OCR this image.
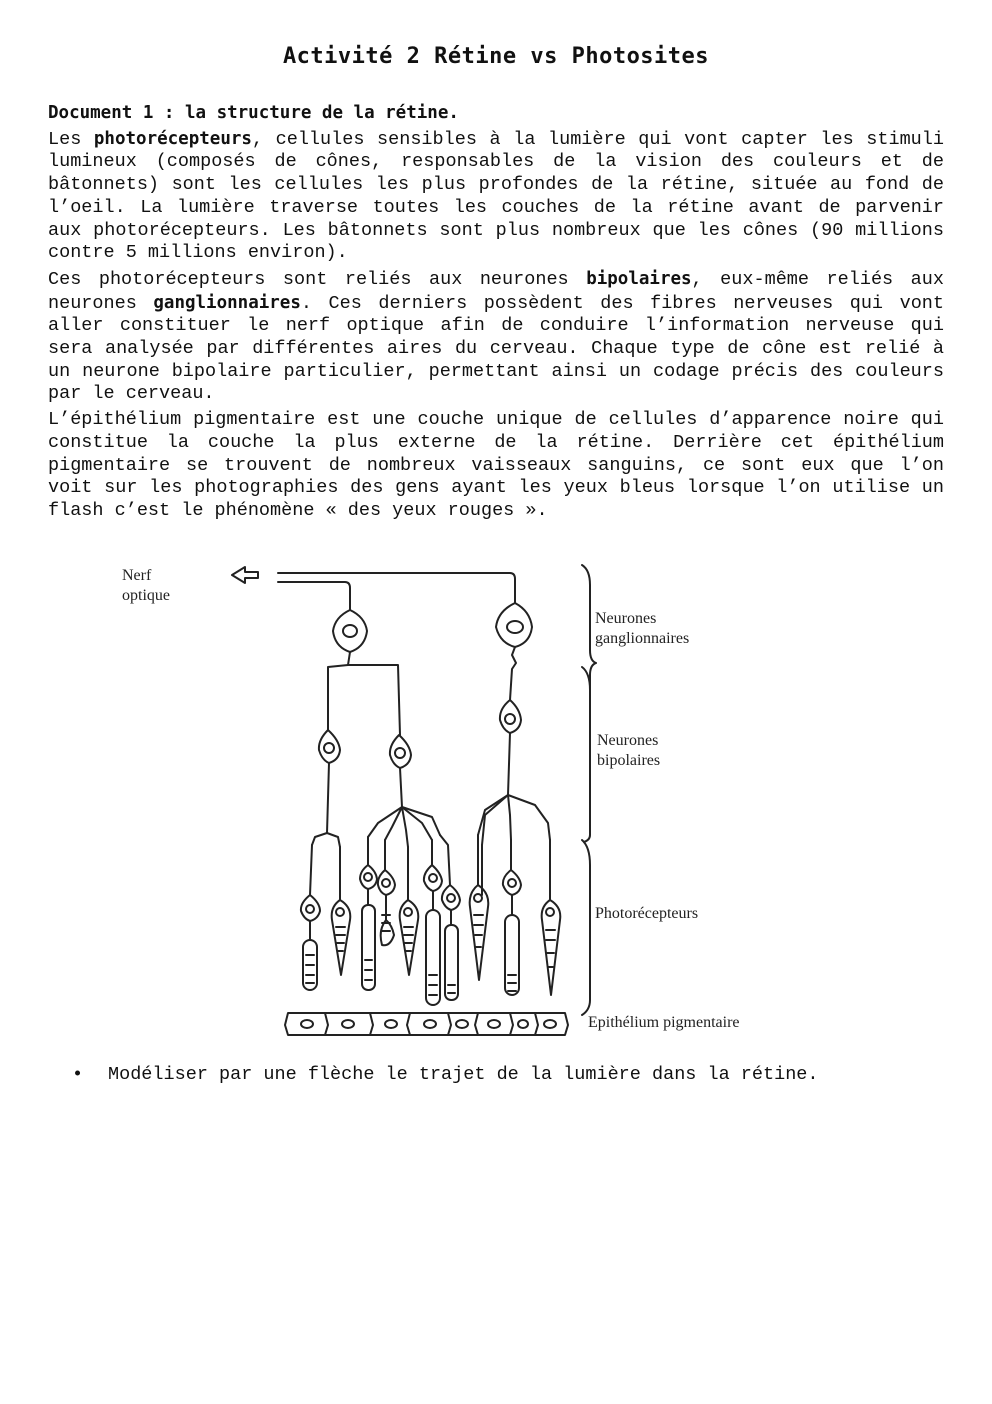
Activité 2 Rétine vs Photosites
Document 1 : la structure de la rétine.

Les photorécepteurs, cellules sensibles à la lumière qui vont capter les stimuli lumineux (composés de cônes, responsables de la vision des couleurs et de bâtonnets) sont les cellules les plus profondes de la rétine, située au fond de l’oeil. La lumière traverse toutes les couches de la rétine avant de parvenir aux photorécepteurs. Les bâtonnets sont plus nombreux que les cônes (90 millions contre 5 millions environ).

Ces photorécepteurs sont reliés aux neurones bipolaires, eux-même reliés aux neurones ganglionnaires. Ces derniers possèdent des fibres nerveuses qui vont aller constituer le nerf optique afin de conduire l’information nerveuse qui sera analysée par différentes aires du cerveau. Chaque type de cône est relié à un neurone bipolaire particulier, permettant ainsi un codage précis des couleurs par le cerveau.

L’épithélium pigmentaire est une couche unique de cellules d’apparence noire qui constitue la couche la plus externe de la rétine. Derrière cet épithélium pigmentaire se trouvent de nombreux vaisseaux sanguins, ce sont eux que l’on voit sur les photographies des gens ayant les yeux bleus lorsque l’on utilise un flash c’est le phénomène « des yeux rouges ».

Nerf
optique
Neurones
ganglionnaires
Neurones
bipolaires
Photorécepteurs
Epithélium pigmentaire
•	Modéliser par une flèche le trajet de la lumière dans la rétine.
